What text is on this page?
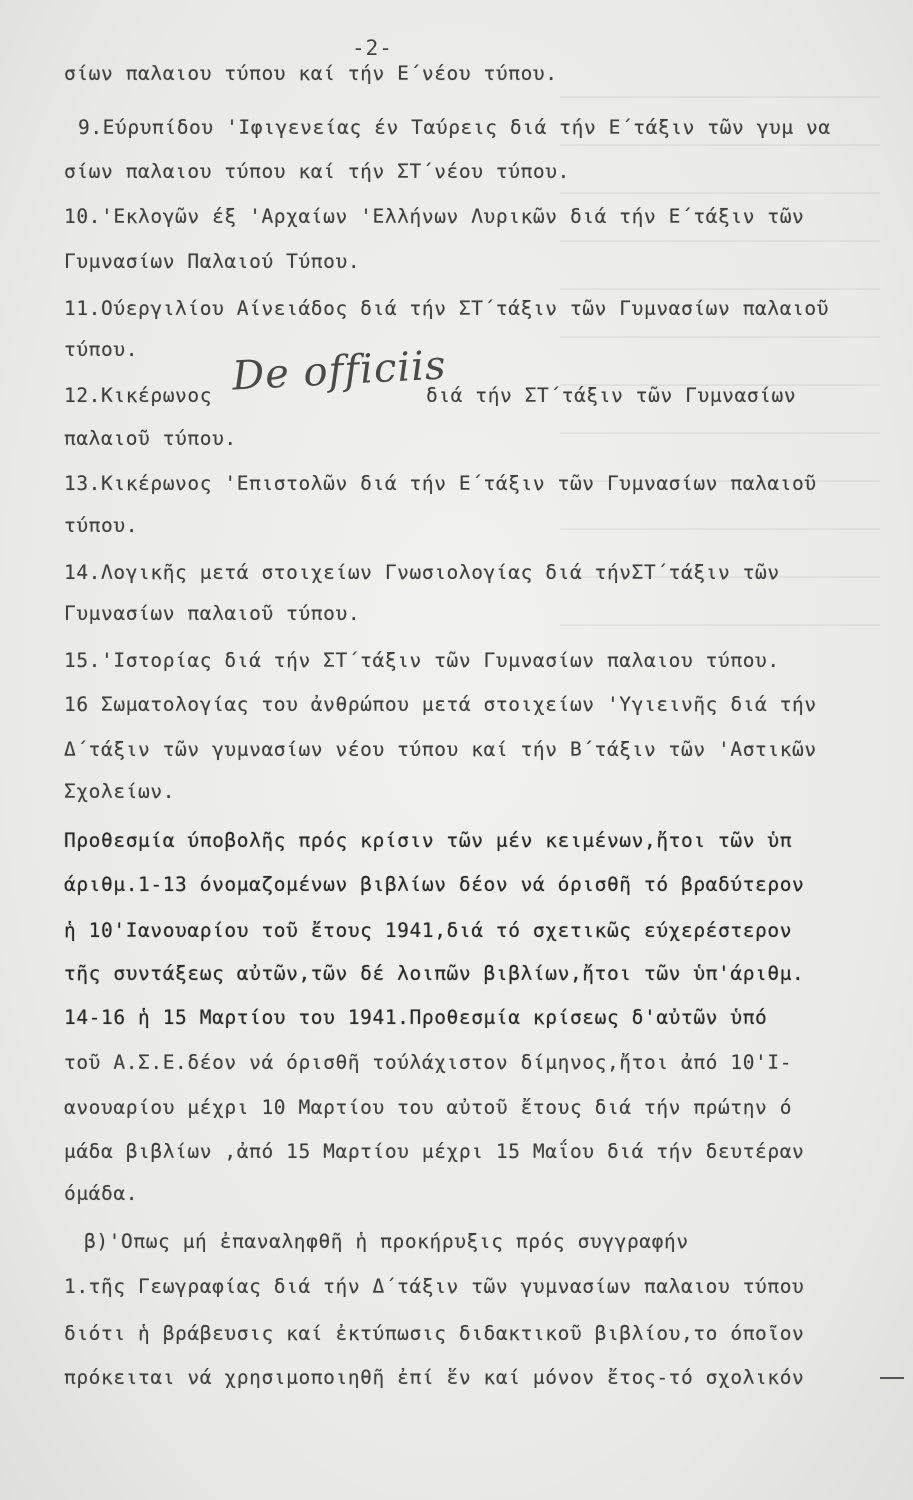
-2-
σίων παλαιου τύπου καί τήν Ε΄νέου τύπου.
9.Εύρυπίδου 'Ιφιγενείας έν Ταύρεις διά τήν Ε΄τάξιν τῶν γυμ να
σίων παλαιου τύπου καί τήν ΣΤ΄νέου τύπου.
10.'Εκλογῶν έξ 'Αρχαίων 'Ελλήνων Λυρικῶν διά τήν Ε΄τάξιν τῶν
Γυμνασίων Παλαιού Τύπου.
11.Ούεργιλίου Αίνειάδος διά τήν ΣΤ΄τάξιν τῶν Γυμνασίων παλαιοῦ
τύπου.
12.Κικέρωνος De officiis
διά τήν ΣΤ΄τάξιν τῶν Γυμνασίων
παλαιοῦ τύπου.
13.Κικέρωνος 'Επιστολῶν διά τήν Ε΄τάξιν τῶν Γυμνασίων παλαιοῦ
τύπου.
14.Λογικῆς μετά στοιχείων Γνωσιολογίας διά τήνΣΤ΄τάξιν τῶν
Γυμνασίων παλαιοῦ τύπου.
15.'Ιστορίας διά τήν ΣΤ΄τάξιν τῶν Γυμνασίων παλαιου τύπου.
16 Σωματολογίας του ἀνθρώπου μετά στοιχείων 'Υγιεινῆς διά τήν
Δ΄τάξιν τῶν γυμνασίων νέου τύπου καί τήν Β΄τάξιν τῶν 'Αστικῶν
Σχολείων.
Προθεσμία ύποβολῆς πρός κρίσιν τῶν μέν κειμένων,ἤτοι τῶν ὑπ
άριθμ.1-13 όνομαζομένων βιβλίων δέον νά όρισθῆ τό βραδύτερον
ἡ 10'Ιανουαρίου τοῦ ἔτους 1941,διά τό σχετικῶς εύχερέστερον
τῆς συντάξεως αὐτῶν,τῶν δέ λοιπῶν βιβλίων,ἤτοι τῶν ὑπ'άριθμ.
14-16 ἡ 15 Μαρτίου του 1941.Προθεσμία κρίσεως δ'αὐτῶν ὑπό
τοῦ Α.Σ.Ε.δέον νά όρισθῆ τούλάχιστον δίμηνος,ἤτοι ἀπό 10'Ι-
ανουαρίου μέχρι 10 Μαρτίου του αὐτοῦ ἔτους διά τήν πρώτην ό
μάδα βιβλίων ,ἀπό 15 Μαρτίου μέχρι 15 Μαΐου διά τήν δευτέραν
όμάδα.
β)'Οπως μή ἐπαναληφθῆ ἡ προκήρυξις πρός συγγραφήν
1.τῆς Γεωγραφίας διά τήν Δ΄τάξιν τῶν γυμνασίων παλαιου τύπου
διότι ἡ βράβευσις καί ἐκτύπωσις διδακτικοῦ βιβλίου,το όποῖον
πρόκειται νά χρησιμοποιηθῆ ἐπί ἕν καί μόνον ἔτος-τό σχολικόν
